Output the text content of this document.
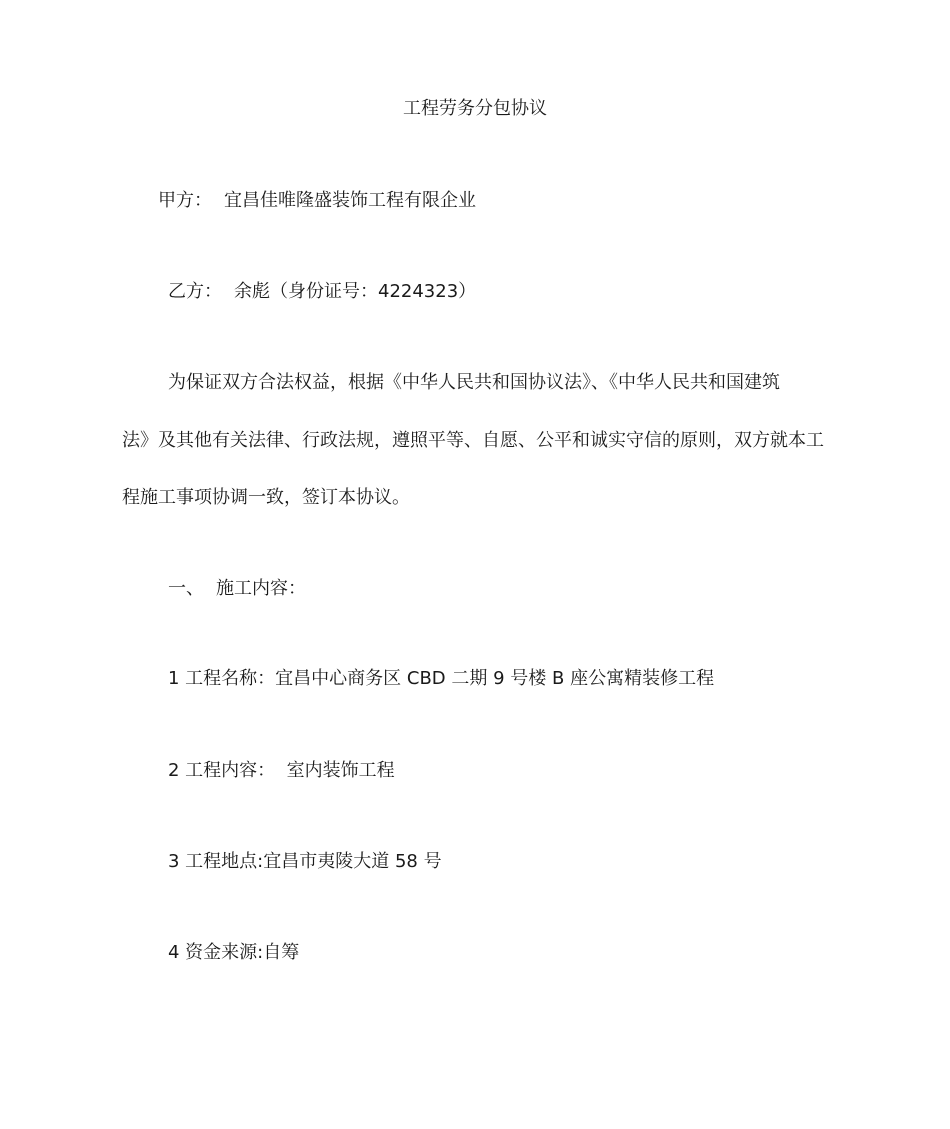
工程劳务分包协议
甲方： 宜昌佳唯隆盛装饰工程有限企业
乙方： 余彪（身份证号：4224323）
为保证双方合法权益，根据《中华人民共和国协议法》、《中华人民共和国建筑
法》及其他有关法律、行政法规，遵照平等、自愿、公平和诚实守信的原则，双方就本工
程施工事项协调一致，签订本协议。
一、 施工内容：
1 工程名称：宜昌中心商务区 CBD 二期 9 号楼 B 座公寓精装修工程
2 工程内容：  室内装饰工程
3 工程地点:宜昌市夷陵大道 58 号
4 资金来源:自筹
